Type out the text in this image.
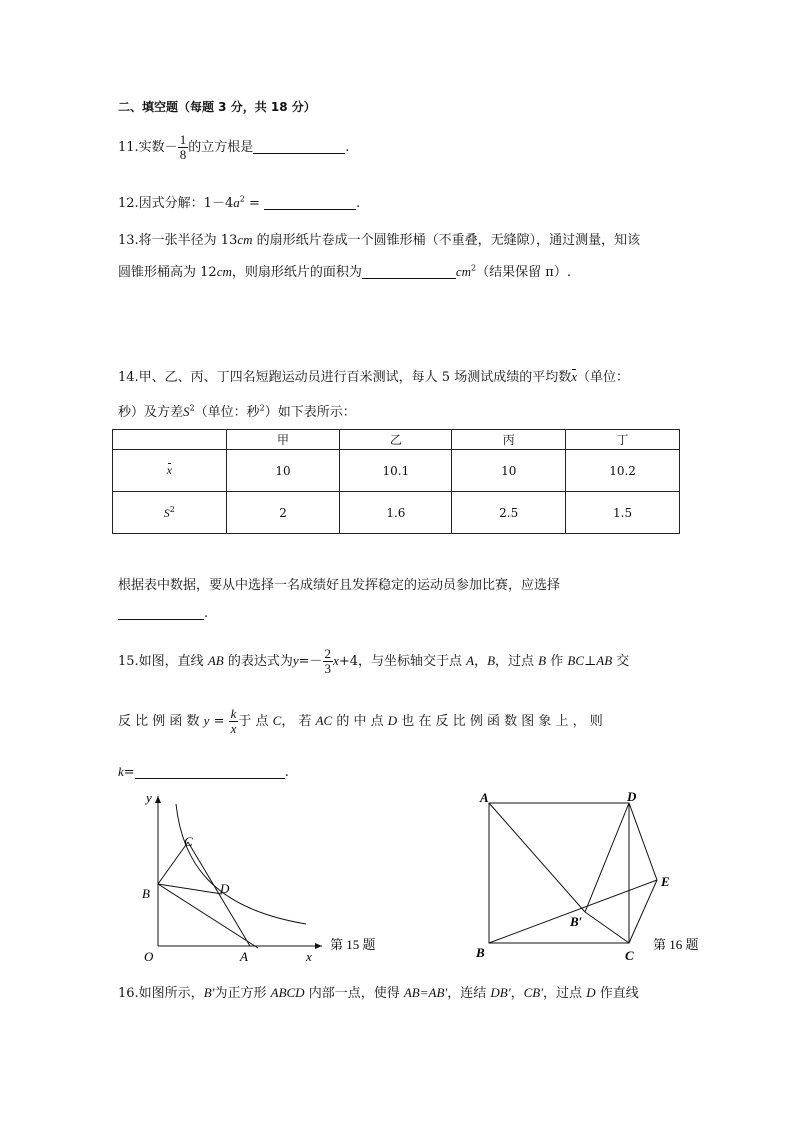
二、填空题（每题 3 分，共 18 分）
11.实数－ $\frac{1}{8}$ 的立方根是	.
12.因式分解：$1-4a^2$ =	.
13.将一张半径为 13cm 的扇形纸片卷成一个圆锥形桶（不重叠，无缝隙），通过测量，知该
圆锥形桶高为 12cm，则扇形纸片的面积为	$cm^2$（结果保留 π）.
14.甲、乙、丙、丁四名短跑运动员进行百米测试，每人 5 场测试成绩的平均数x（单位：
秒）及方差$S^2$（单位：秒$^2$）如下表所示：
	甲	乙	丙	丁
x	10	10.1	10	10.2
$S^2$	2	1.6	2.5	1.5
根据表中数据，要从中选择一名成绩好且发挥稳定的运动员参加比赛，应选择
.
15.如图，直线 AB 的表达式为$y=- \frac{2}{3} x+4$，与坐标轴交于点 A，B，过点 B 作 BC⊥AB 交
反 比 例 函 数 $y = \frac{k}{x}$ 于 点 C， 若 AC 的 中 点 D 也 在 反 比 例 函 数 图 象 上 ， 则
k=	.
y
x
O	A
B
C
D
第 15 题
A	D
B	C
E
B′
第 16 题
16.如图所示，B′为正方形 ABCD 内部一点，使得 AB=AB′，连结 DB′，CB′，过点 D 作直线
